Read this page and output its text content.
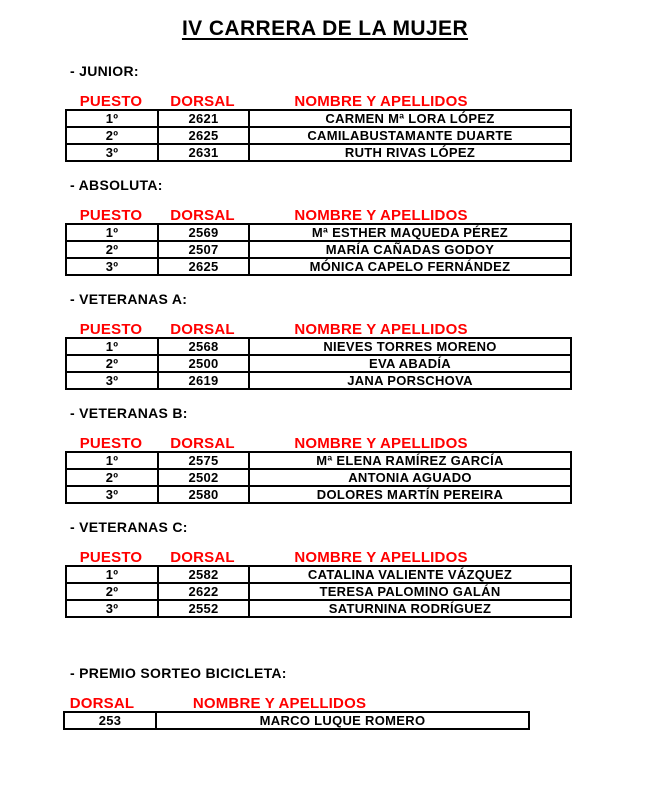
IV CARRERA DE LA MUJER

- JUNIOR:

PUESTO	DORSAL	NOMBRE Y APELLIDOS
1º	2621	CARMEN Mª LORA LÓPEZ
2º	2625	CAMILABUSTAMANTE DUARTE
3º	2631	RUTH RIVAS LÓPEZ

- ABSOLUTA:

PUESTO	DORSAL	NOMBRE Y APELLIDOS
1º	2569	Mª ESTHER MAQUEDA PÉREZ
2º	2507	MARÍA CAÑADAS GODOY
3º	2625	MÓNICA CAPELO FERNÁNDEZ

- VETERANAS A:

PUESTO	DORSAL	NOMBRE Y APELLIDOS
1º	2568	NIEVES TORRES MORENO
2º	2500	EVA ABADÍA
3º	2619	JANA PORSCHOVA

- VETERANAS B:

PUESTO	DORSAL	NOMBRE Y APELLIDOS
1º	2575	Mª ELENA RAMÍREZ GARCÍA
2º	2502	ANTONIA AGUADO
3º	2580	DOLORES MARTÍN PEREIRA

- VETERANAS C:

PUESTO	DORSAL	NOMBRE Y APELLIDOS
1º	2582	CATALINA VALIENTE VÁZQUEZ
2º	2622	TERESA PALOMINO GALÁN
3º	2552	SATURNINA RODRÍGUEZ

- PREMIO SORTEO BICICLETA:

DORSAL	NOMBRE Y APELLIDOS
253	MARCO LUQUE ROMERO
